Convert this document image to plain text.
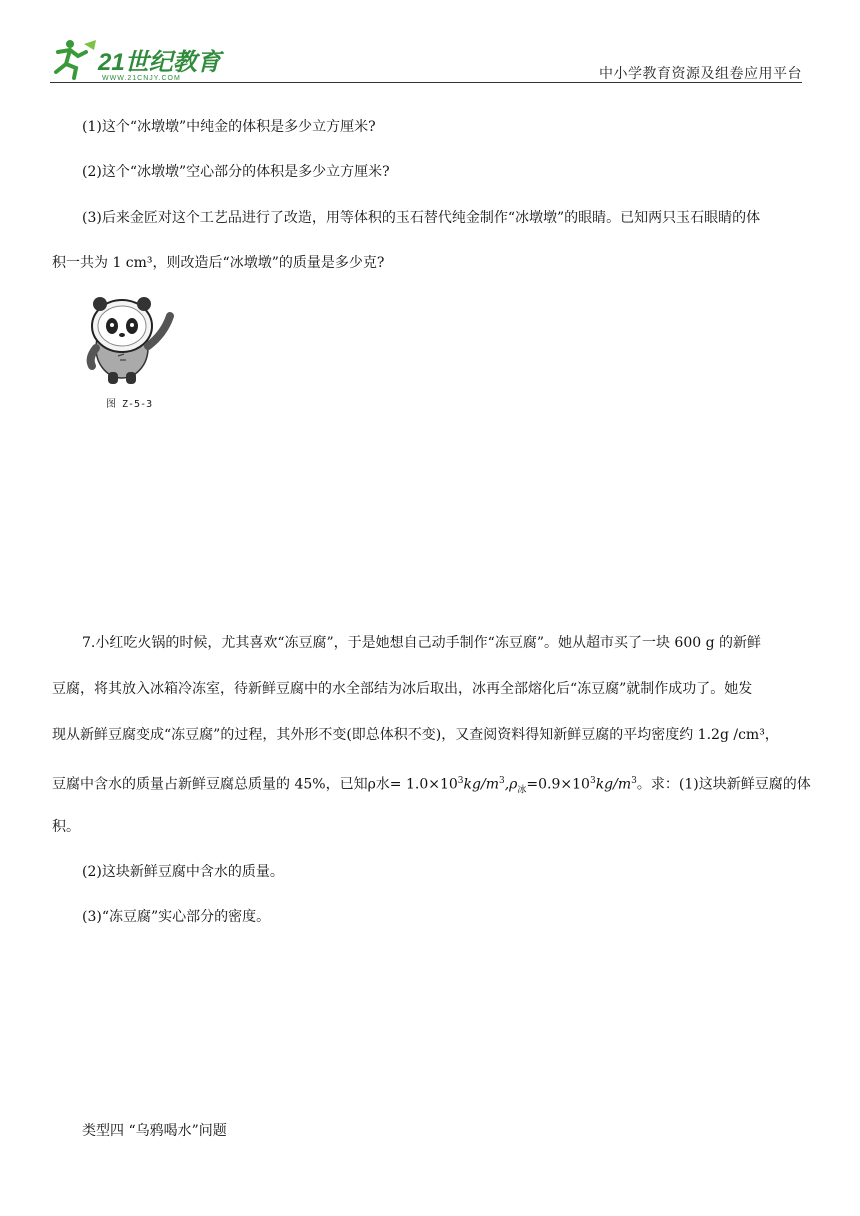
21世纪教育
WWW.21CNJY.COM	中小学教育资源及组卷应用平台
(1)这个“冰墩墩”中纯金的体积是多少立方厘米?
(2)这个“冰墩墩”空心部分的体积是多少立方厘米?
(3)后来金匠对这个工艺品进行了改造，用等体积的玉石替代纯金制作“冰墩墩”的眼睛。已知两只玉石眼睛的体
积一共为 1 cm³，则改造后“冰墩墩”的质量是多少克?
图 Z-5-3
7.小红吃火锅的时候，尤其喜欢“冻豆腐”，于是她想自己动手制作“冻豆腐”。她从超市买了一块 600 g 的新鲜
豆腐，将其放入冰箱冷冻室，待新鲜豆腐中的水全部结为冰后取出，冰再全部熔化后“冻豆腐”就制作成功了。她发
现从新鲜豆腐变成“冻豆腐”的过程，其外形不变(即总体积不变)，又查阅资料得知新鲜豆腐的平均密度约 1.2g /cm³，
豆腐中含水的质量占新鲜豆腐总质量的 45%，已知ρ水= $1.0\times 10^3kg/m^3,\rho_冰=0.9\times 10^3kg/m^3$。求：(1)这块新鲜豆腐的体
积。
(2)这块新鲜豆腐中含水的质量。
(3)“冻豆腐”实心部分的密度。
类型四 “乌鸦喝水”问题
